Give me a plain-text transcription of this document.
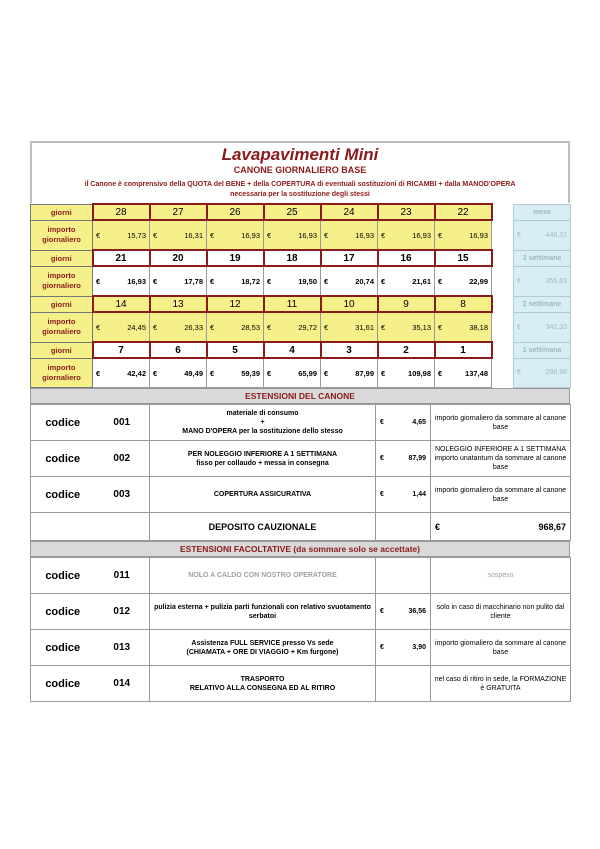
Lavapavimenti Mini
CANONE GIORNALIERO BASE
il Canone è comprensivo della QUOTA del BENE + della COPERTURA di eventuali sostituzioni di RICAMBI + dalla MANOD'OPERA
necessaria per la sostituzione degli stessi
giorni	28	27	26	25	24	23	22		mese
importo giornaliero	€ 15,73	€ 16,31	€ 16,93	€ 16,93	€ 16,93	€ 16,93	€ 16,93		€ 440,31

giorni	21	20	19	18	17	16	15		3 settimane
importo giornaliero	€ 16,93	€ 17,78	€ 18,72	€ 19,50	€ 20,74	€ 21,61	€ 22,99		€ 355,63

giorni	14	13	12	11	10	9	8		2 settimane
importo giornaliero	€ 24,45	€ 26,33	€ 28,53	€ 29,72	€ 31,61	€ 35,13	€ 38,18		€ 342,33

giorni	7	6	5	4	3	2	1		1 settimana
importo giornaliero	€ 42,42	€ 49,49	€ 59,39	€ 65,99	€ 87,99	€ 109,98	€ 137,48		€ 298,96
ESTENSIONI DEL CANONE
codice	001	materiale di consumo
+
MANO D'OPERA per la sostituzione dello stesso	€ 4,65	importo giornaliero da sommare al canone base
codice	002	PER NOLEGGIO INFERIORE A 1 SETTIMANA
fisso per collaudo + messa in consegna	€ 87,99	NOLEGGIO INFERIORE A 1 SETTIMANA importo unatantum da sommare al canone base
codice	003	COPERTURA ASSICURATIVA	€ 1,44	importo giornaliero da sommare al canone base
		DEPOSITO CAUZIONALE		€ 968,67
ESTENSIONI FACOLTATIVE (da sommare solo se accettate)
codice	011	NOLO A CALDO CON NOSTRO OPERATORE		sospeso
codice	012	pulizia esterna + pulizia parti funzionali con relativo svuotamento serbatoi	€ 36,56	solo in caso di macchinario non pulito dal cliente
codice	013	Assistenza FULL SERVICE presso Vs sede
(CHIAMATA + ORE DI VIAGGIO + Km furgone)	€ 3,90	importo giornaliero da sommare al canone base
codice	014	TRASPORTO
RELATIVO ALLA CONSEGNA ED AL RITIRO		nel caso di ritiro in sede, la FORMAZIONE è GRATUITA
